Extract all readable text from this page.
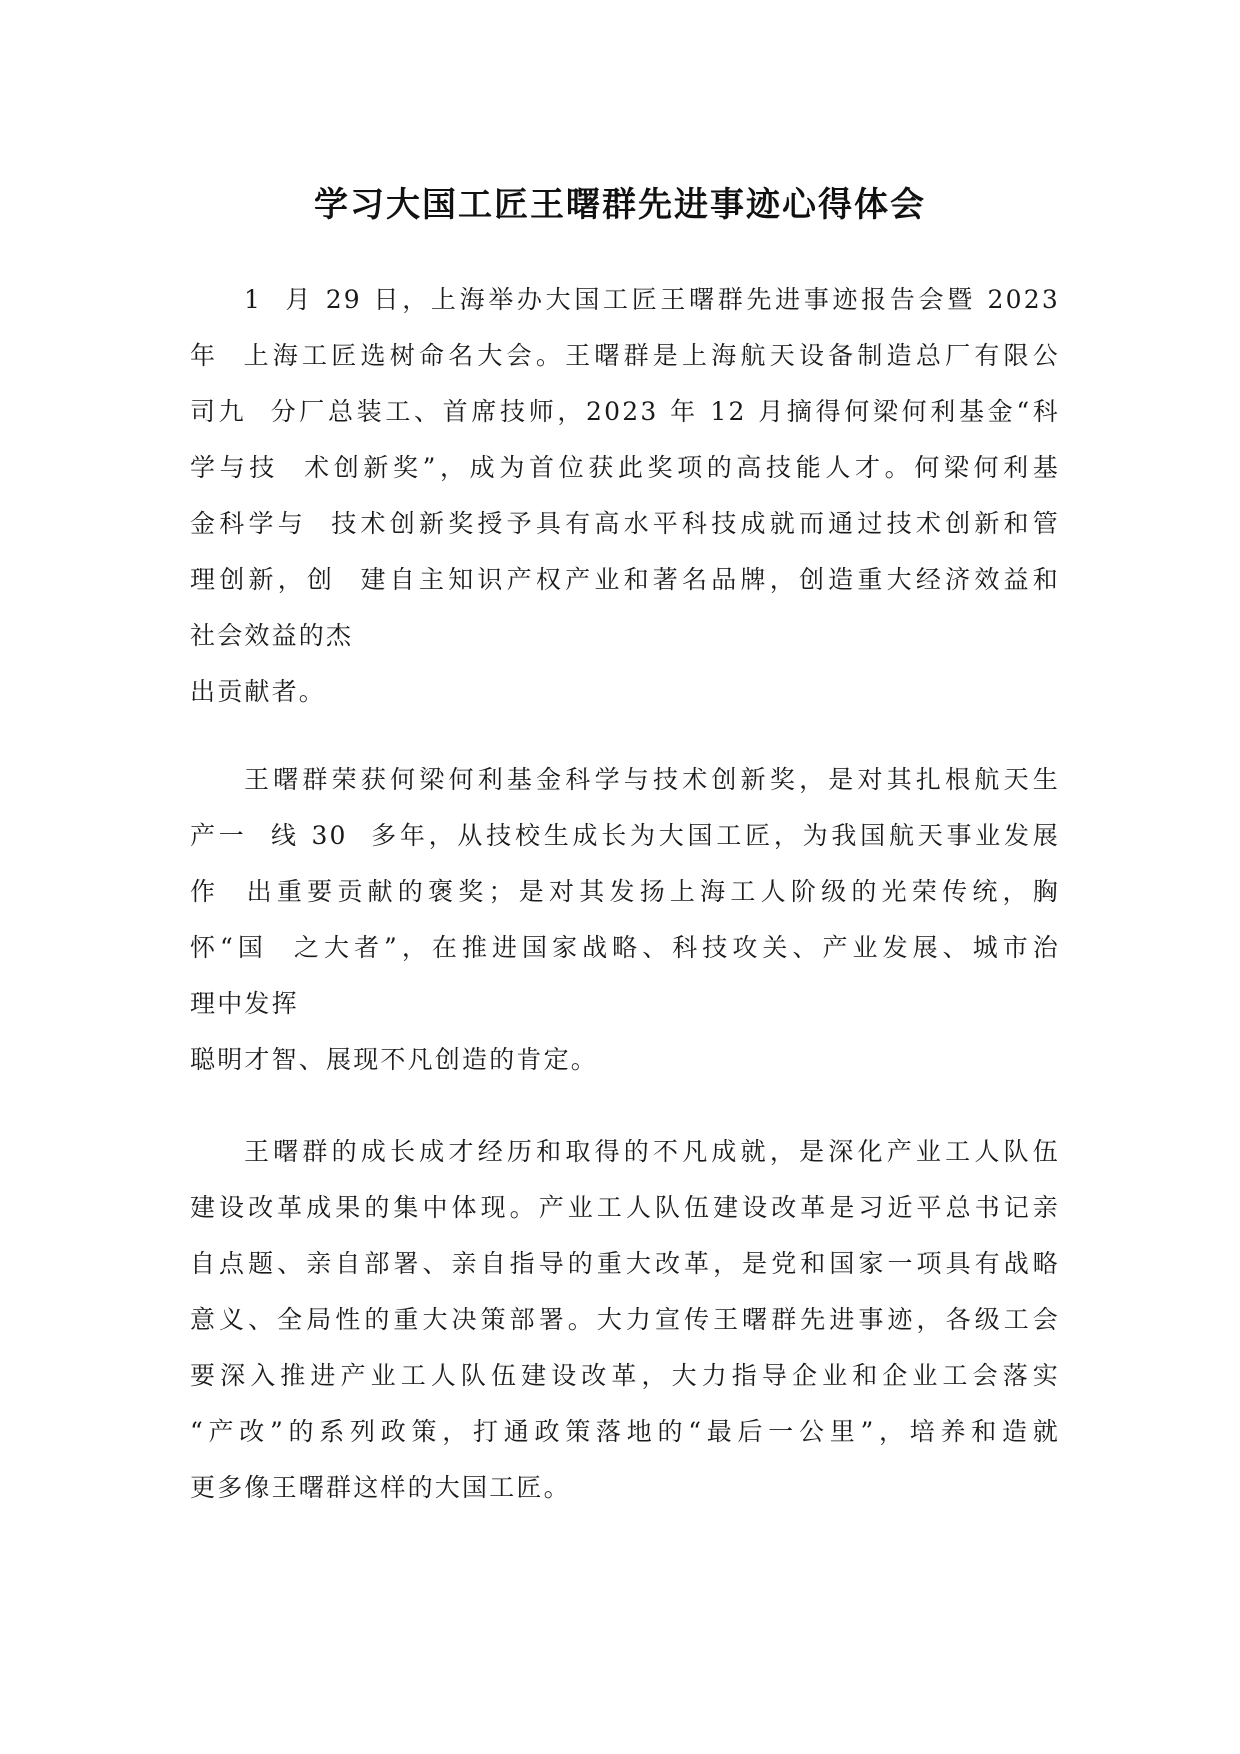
学习大国工匠王曙群先进事迹心得体会
1  月 29 日，上海举办大国工匠王曙群先进事迹报告会暨 2023
年  上海工匠选树命名大会。王曙群是上海航天设备制造总厂有限公
司九  分厂总装工、首席技师，2023 年 12 月摘得何梁何利基金“科
学与技  术创新奖”，成为首位获此奖项的高技能人才。何梁何利基
金科学与  技术创新奖授予具有高水平科技成就而通过技术创新和管
理创新，创  建自主知识产权产业和著名品牌，创造重大经济效益和
社会效益的杰
出贡献者。
王曙群荣获何梁何利基金科学与技术创新奖，是对其扎根航天生
产一  线 30  多年，从技校生成长为大国工匠，为我国航天事业发展
作  出重要贡献的褒奖；是对其发扬上海工人阶级的光荣传统，胸
怀“国  之大者”，在推进国家战略、科技攻关、产业发展、城市治
理中发挥
聪明才智、展现不凡创造的肯定。
王曙群的成长成才经历和取得的不凡成就，是深化产业工人队伍
建设改革成果的集中体现。产业工人队伍建设改革是习近平总书记亲
自点题、亲自部署、亲自指导的重大改革，是党和国家一项具有战略
意义、全局性的重大决策部署。大力宣传王曙群先进事迹，各级工会
要深入推进产业工人队伍建设改革，大力指导企业和企业工会落实
“产改”的系列政策，打通政策落地的“最后一公里”，培养和造就
更多像王曙群这样的大国工匠。
